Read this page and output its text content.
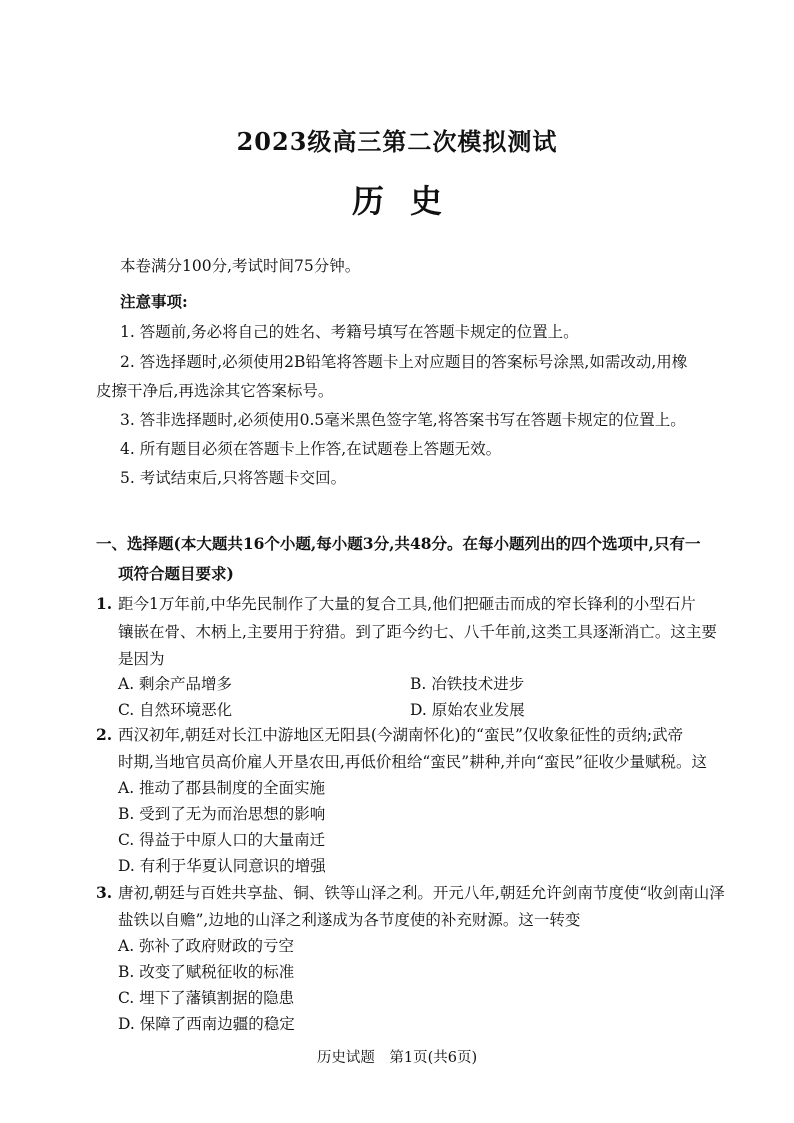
2023级高三第二次模拟测试
历史
本卷满分100分,考试时间75分钟。
注意事项:
1. 答题前,务必将自己的姓名、考籍号填写在答题卡规定的位置上。
2. 答选择题时,必须使用2B铅笔将答题卡上对应题目的答案标号涂黑,如需改动,用橡
皮擦干净后,再选涂其它答案标号。
3. 答非选择题时,必须使用0.5毫米黑色签字笔,将答案书写在答题卡规定的位置上。
4. 所有题目必须在答题卡上作答,在试题卷上答题无效。
5. 考试结束后,只将答题卡交回。
一、选择题(本大题共16个小题,每小题3分,共48分。在每小题列出的四个选项中,只有一
项符合题目要求)
1. 距今1万年前,中华先民制作了大量的复合工具,他们把砸击而成的窄长锋利的小型石片
镶嵌在骨、木柄上,主要用于狩猎。到了距今约七、八千年前,这类工具逐渐消亡。这主要
是因为
A. 剩余产品增多	B. 冶铁技术进步
C. 自然环境恶化	D. 原始农业发展
2. 西汉初年,朝廷对长江中游地区无阳县(今湖南怀化)的“蛮民”仅收象征性的贡纳;武帝
时期,当地官员高价雇人开垦农田,再低价租给“蛮民”耕种,并向“蛮民”征收少量赋税。这
A. 推动了郡县制度的全面实施
B. 受到了无为而治思想的影响
C. 得益于中原人口的大量南迁
D. 有利于华夏认同意识的增强
3. 唐初,朝廷与百姓共享盐、铜、铁等山泽之利。开元八年,朝廷允许剑南节度使“收剑南山泽
盐铁以自赡”,边地的山泽之利遂成为各节度使的补充财源。这一转变
A. 弥补了政府财政的亏空
B. 改变了赋税征收的标准
C. 埋下了藩镇割据的隐患
D. 保障了西南边疆的稳定
历史试题　第1页(共6页)
